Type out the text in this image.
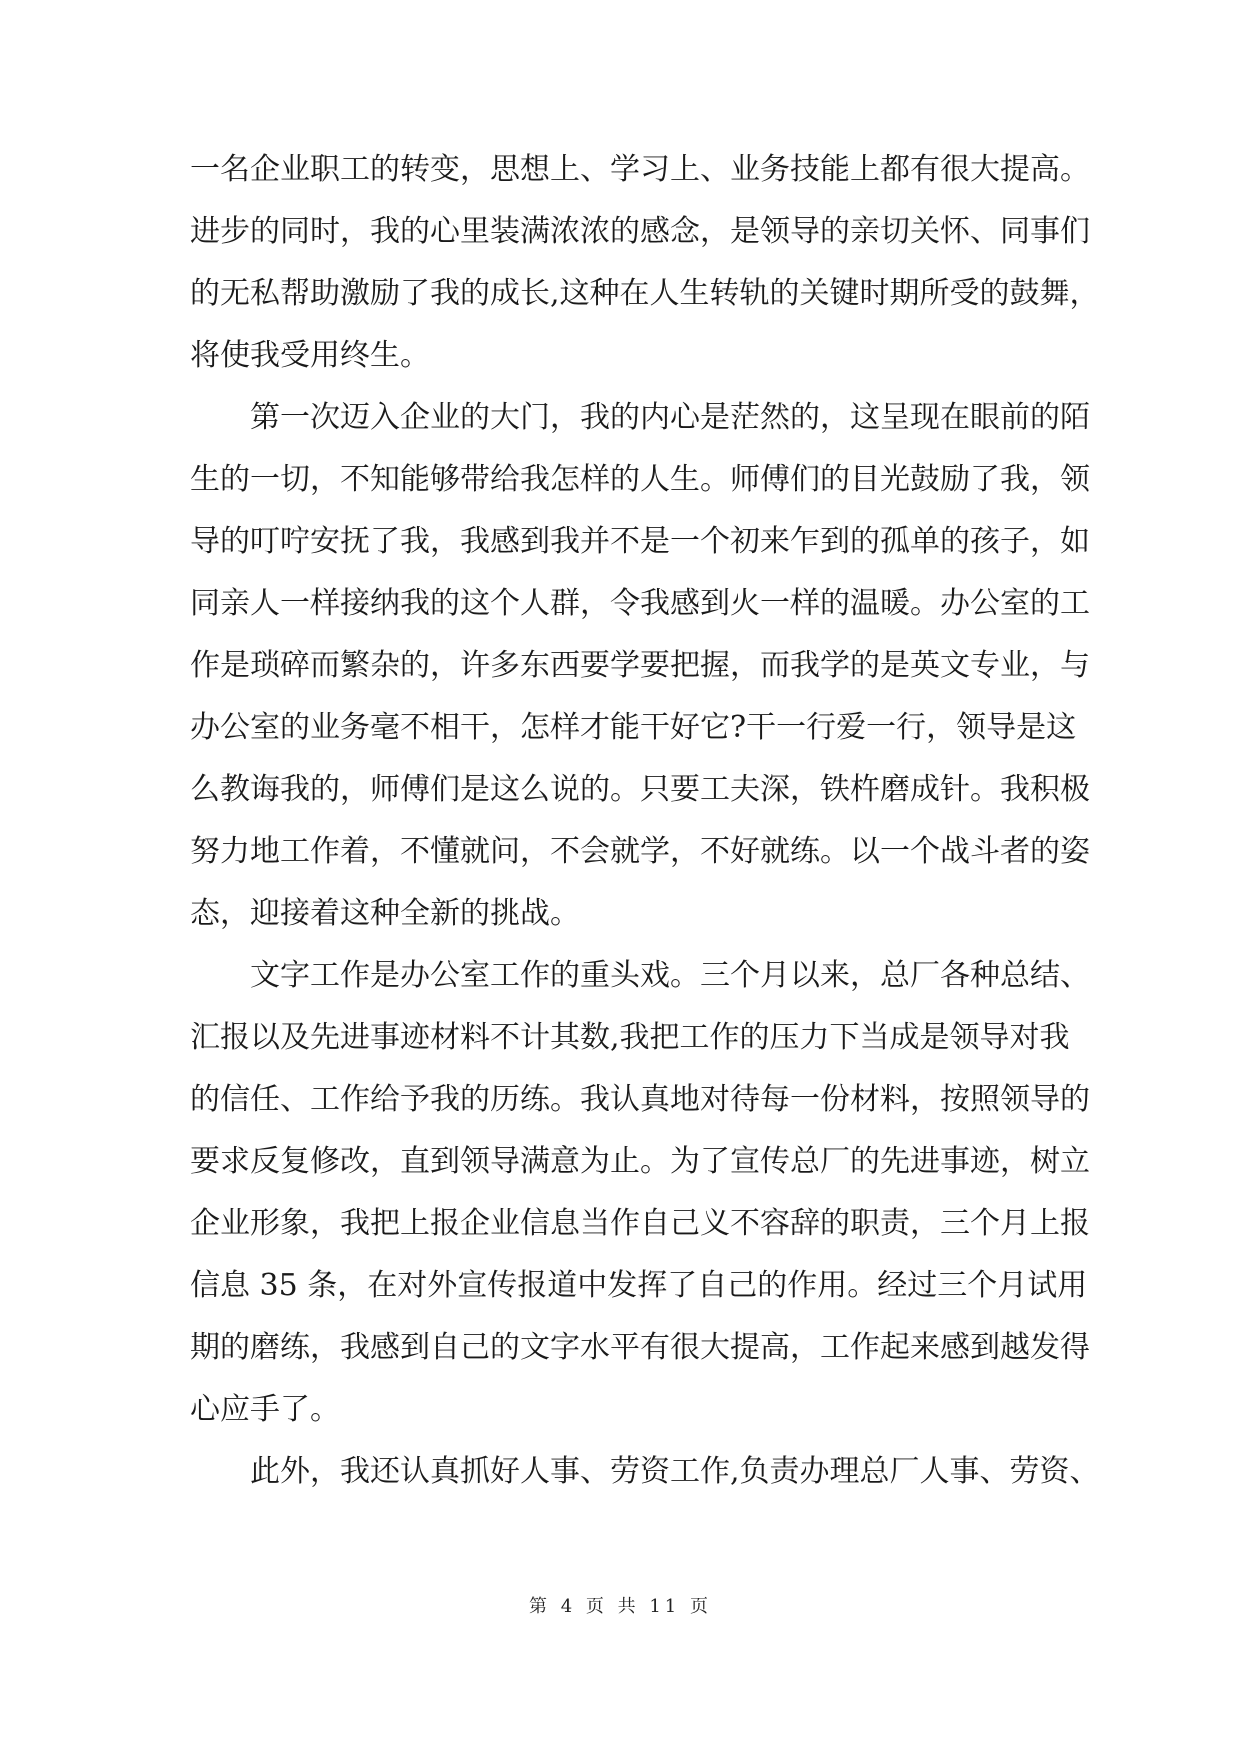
一名企业职工的转变，思想上、学习上、业务技能上都有很大提高。
进步的同时，我的心里装满浓浓的感念，是领导的亲切关怀、同事们
的无私帮助激励了我的成长,这种在人生转轨的关键时期所受的鼓舞，
将使我受用终生。
第一次迈入企业的大门，我的内心是茫然的，这呈现在眼前的陌
生的一切，不知能够带给我怎样的人生。师傅们的目光鼓励了我，领
导的叮咛安抚了我，我感到我并不是一个初来乍到的孤单的孩子，如
同亲人一样接纳我的这个人群，令我感到火一样的温暖。办公室的工
作是琐碎而繁杂的，许多东西要学要把握，而我学的是英文专业，与
办公室的业务毫不相干，怎样才能干好它?干一行爱一行，领导是这
么教诲我的，师傅们是这么说的。只要工夫深，铁杵磨成针。我积极
努力地工作着，不懂就问，不会就学，不好就练。以一个战斗者的姿
态，迎接着这种全新的挑战。
文字工作是办公室工作的重头戏。三个月以来，总厂各种总结、
汇报以及先进事迹材料不计其数,我把工作的压力下当成是领导对我
的信任、工作给予我的历练。我认真地对待每一份材料，按照领导的
要求反复修改，直到领导满意为止。为了宣传总厂的先进事迹，树立
企业形象，我把上报企业信息当作自己义不容辞的职责，三个月上报
信息 35 条，在对外宣传报道中发挥了自己的作用。经过三个月试用
期的磨练，我感到自己的文字水平有很大提高，工作起来感到越发得
心应手了。
此外，我还认真抓好人事、劳资工作,负责办理总厂人事、劳资、
第 4 页 共 11 页
